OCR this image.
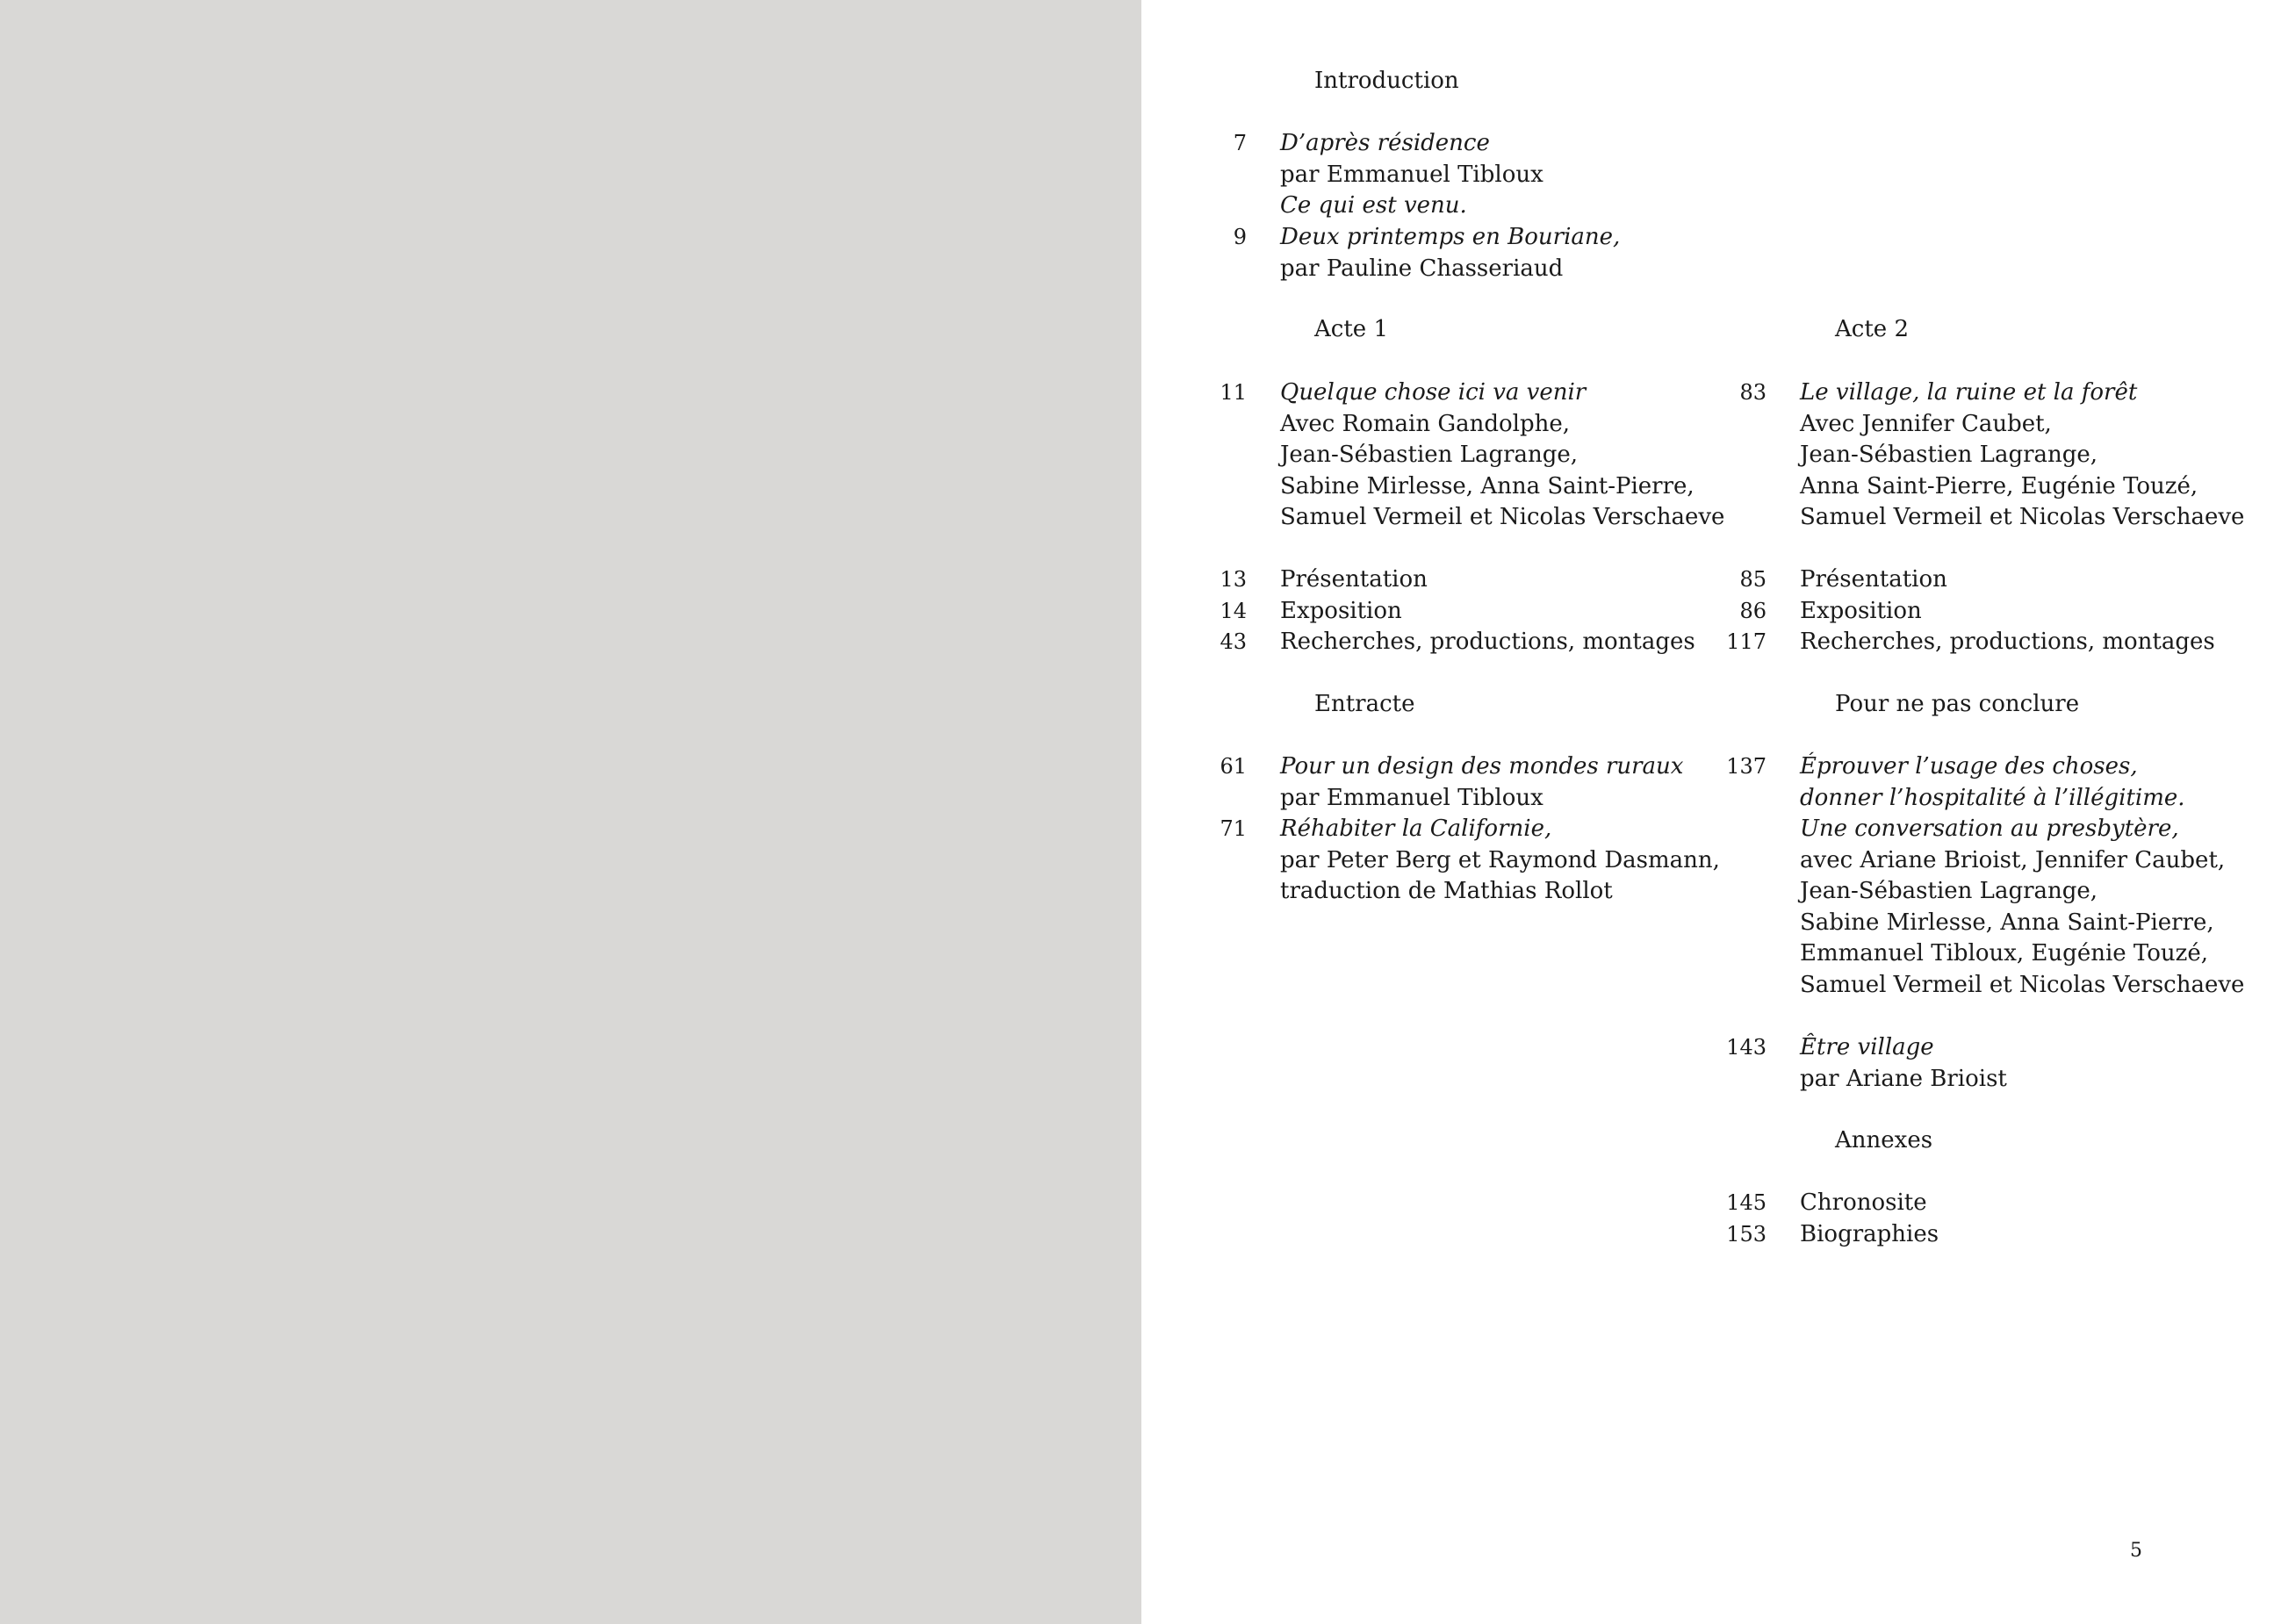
Introduction
7 D’après résidence
par Emmanuel Tibloux
Ce qui est venu.
9 Deux printemps en Bouriane,
par Pauline Chasseriaud
Acte 1
11 Quelque chose ici va venir
Avec Romain Gandolphe,
Jean-Sébastien Lagrange,
Sabine Mirlesse, Anna Saint-Pierre,
Samuel Vermeil et Nicolas Verschaeve
13 Présentation
14 Exposition
43 Recherches, productions, montages
Entracte
61 Pour un design des mondes ruraux
par Emmanuel Tibloux
71 Réhabiter la Californie,
par Peter Berg et Raymond Dasmann,
traduction de Mathias Rollot
Acte 2
83 Le village, la ruine et la forêt
Avec Jennifer Caubet,
Jean-Sébastien Lagrange,
Anna Saint-Pierre, Eugénie Touzé,
Samuel Vermeil et Nicolas Verschaeve
85 Présentation
86 Exposition
117 Recherches, productions, montages
Pour ne pas conclure
137 Éprouver l’usage des choses,
donner l’hospitalité à l’illégitime.
Une conversation au presbytère,
avec Ariane Brioist, Jennifer Caubet,
Jean-Sébastien Lagrange,
Sabine Mirlesse, Anna Saint-Pierre,
Emmanuel Tibloux, Eugénie Touzé,
Samuel Vermeil et Nicolas Verschaeve
143 Être village
par Ariane Brioist
Annexes
145 Chronosite
153 Biographies
5
